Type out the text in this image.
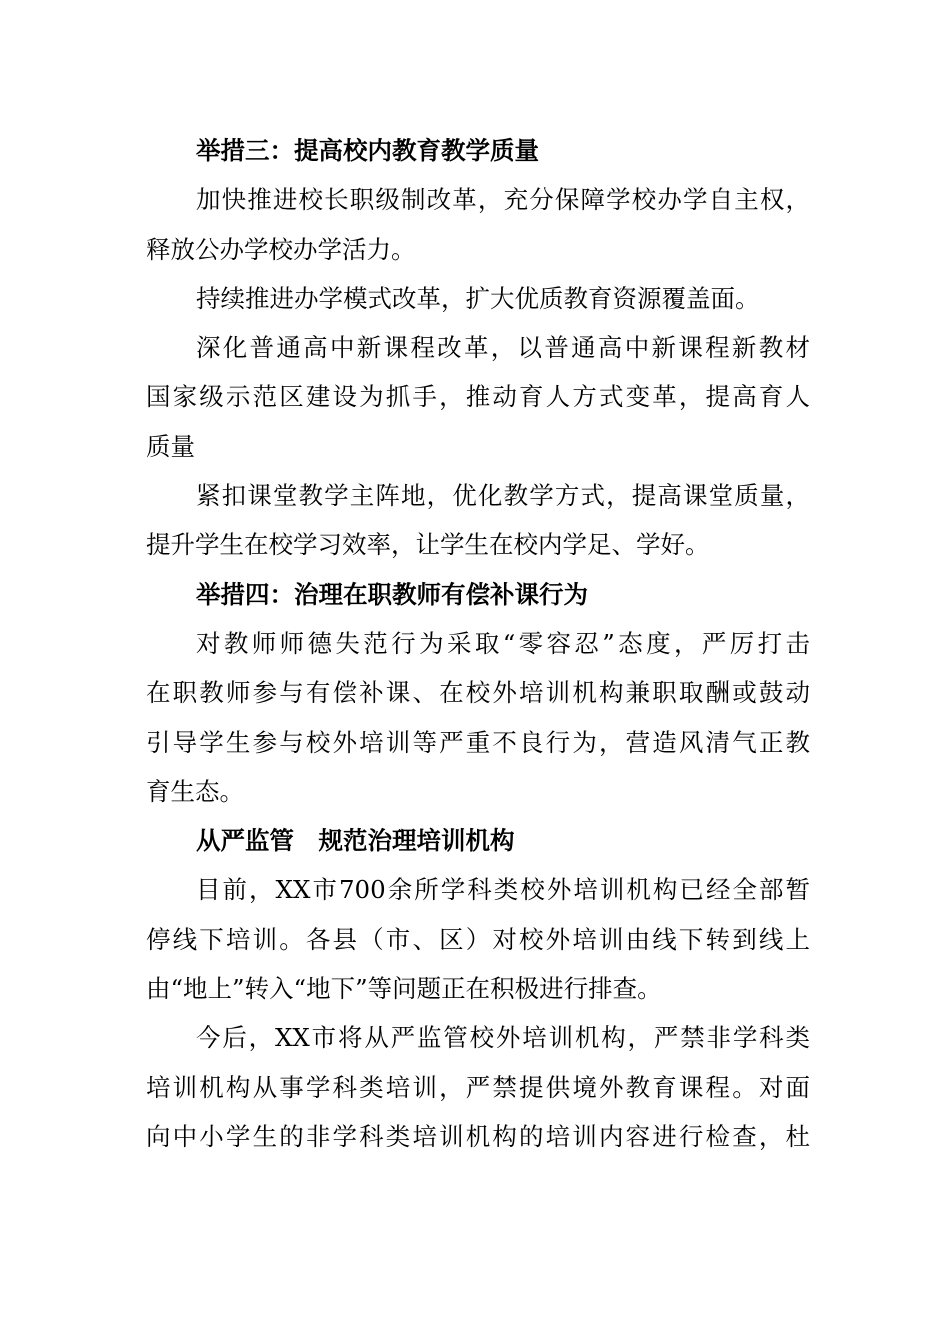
举措三：提高校内教育教学质量
加快推进校长职级制改革，充分保障学校办学自主权，
释放公办学校办学活力。
持续推进办学模式改革，扩大优质教育资源覆盖面。
深化普通高中新课程改革，以普通高中新课程新教材
国家级示范区建设为抓手，推动育人方式变革，提高育人
质量
紧扣课堂教学主阵地，优化教学方式，提高课堂质量，
提升学生在校学习效率，让学生在校内学足、学好。
举措四：治理在职教师有偿补课行为
对教师师德失范行为采取“零容忍”态度，严厉打击
在职教师参与有偿补课、在校外培训机构兼职取酬或鼓动
引导学生参与校外培训等严重不良行为，营造风清气正教
育生态。
从严监管　规范治理培训机构
目前，XX市700余所学科类校外培训机构已经全部暂
停线下培训。各县（市、区）对校外培训由线下转到线上
由“地上”转入“地下”等问题正在积极进行排查。
今后，XX市将从严监管校外培训机构，严禁非学科类
培训机构从事学科类培训，严禁提供境外教育课程。对面
向中小学生的非学科类培训机构的培训内容进行检查，杜
